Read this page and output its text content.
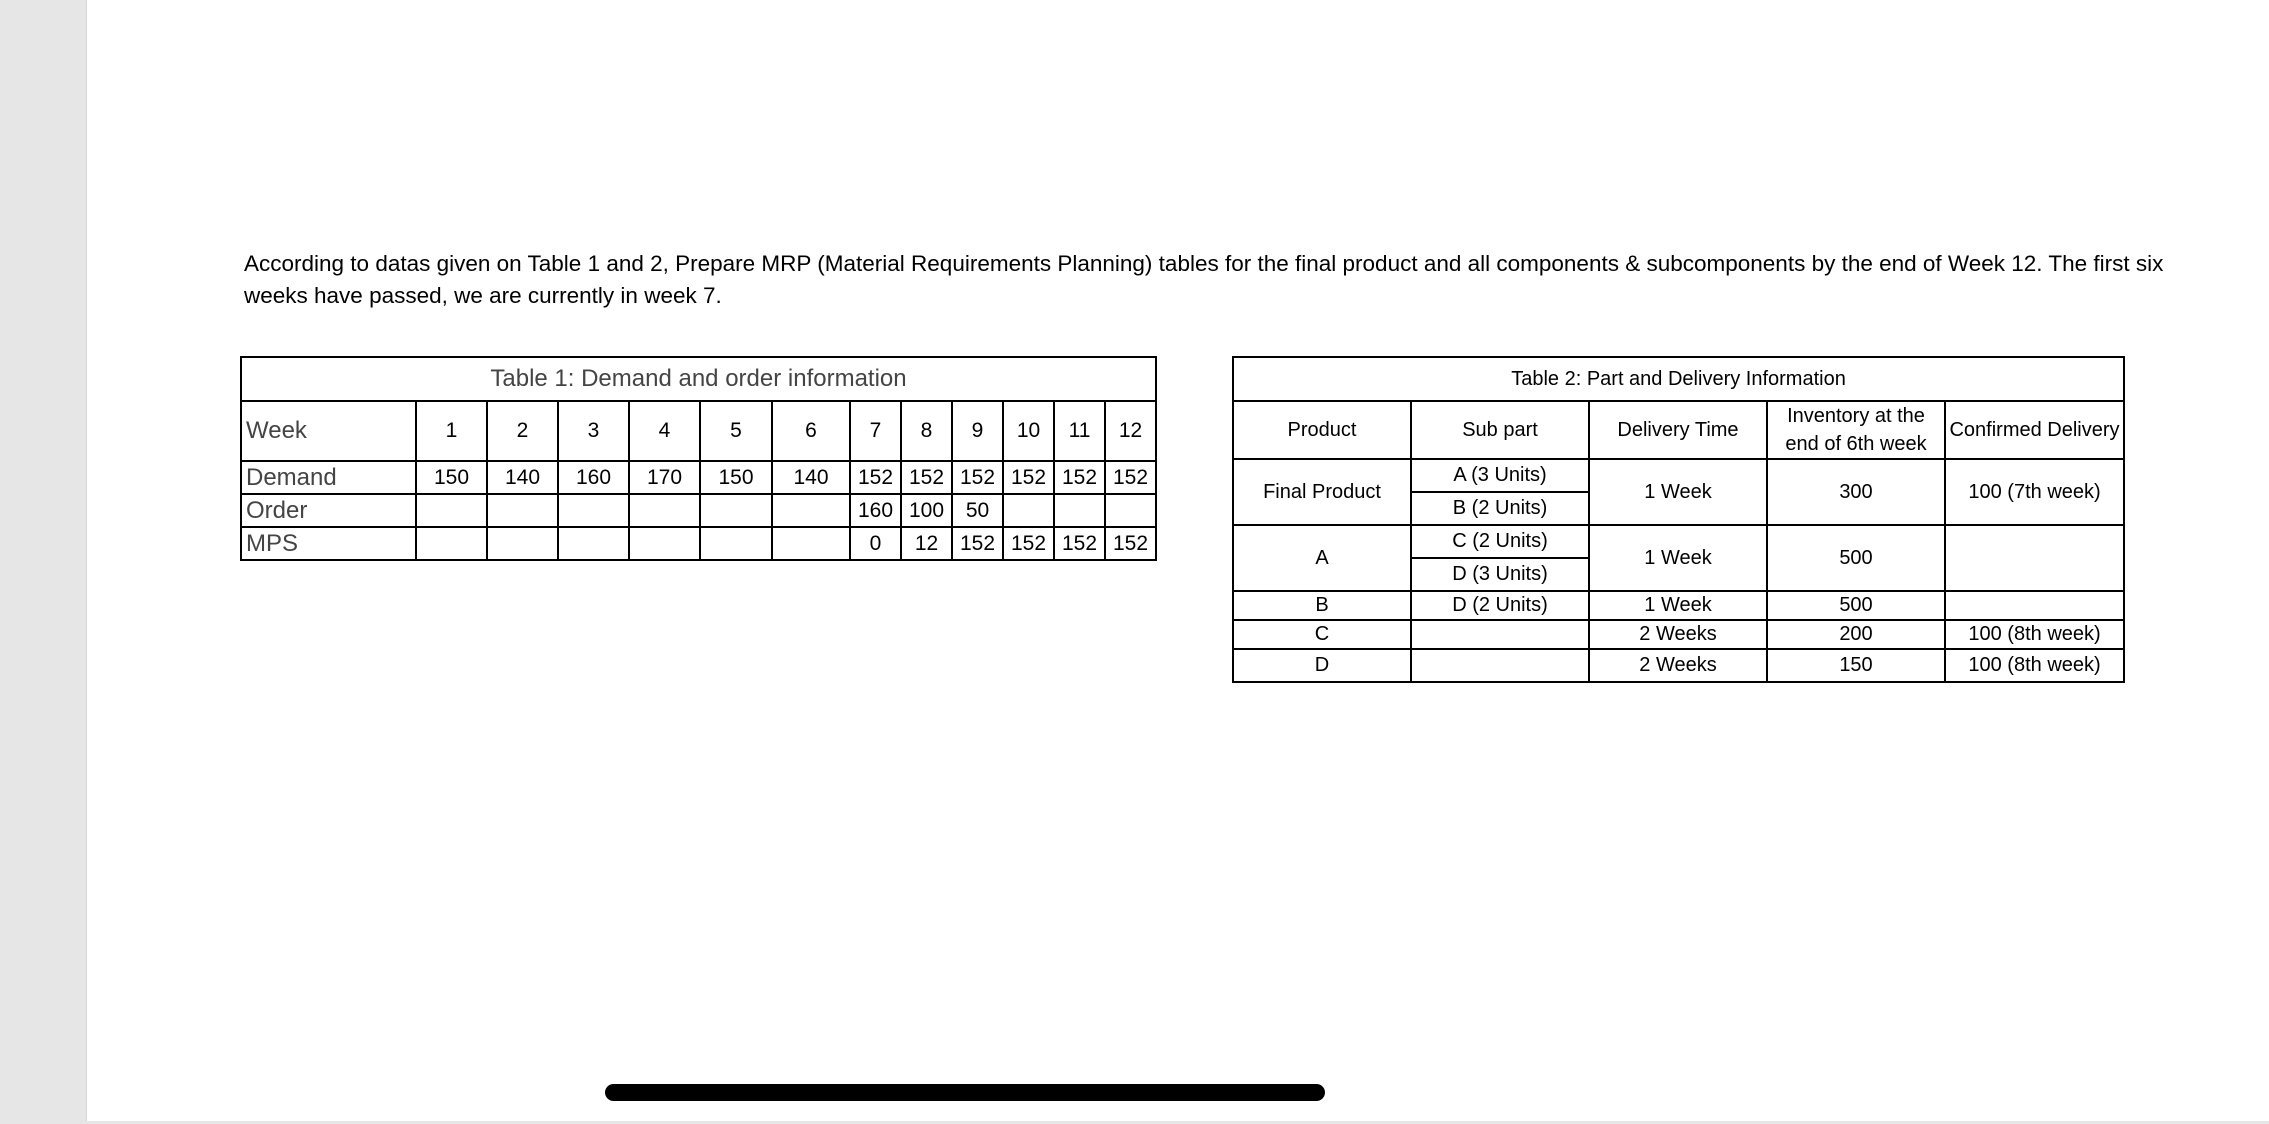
According to datas given on Table 1 and 2, Prepare MRP (Material Requirements Planning) tables for the final product and all components & subcomponents by the end of Week 12. The first six weeks have passed, we are currently in week 7.
Table 1: Demand and order information												
Week	1	2	3	4	5	6	7	8	9	10	11	12
Demand	150	140	160	170	150	140	152	152	152	152	152	152
Order							160	100	50			
MPS							0	12	152	152	152	152
Table 2: Part and Delivery Information				
Product	Sub part	Delivery Time	Inventory at the end of 6th week	Confirmed Delivery
Final Product	A (3 Units)	1 Week	300	100 (7th week)
	B (2 Units)			
A	C (2 Units)	1 Week	500	
	D (3 Units)			
B	D (2 Units)	1 Week	500	
C		2 Weeks	200	100 (8th week)
D		2 Weeks	150	100 (8th week)
